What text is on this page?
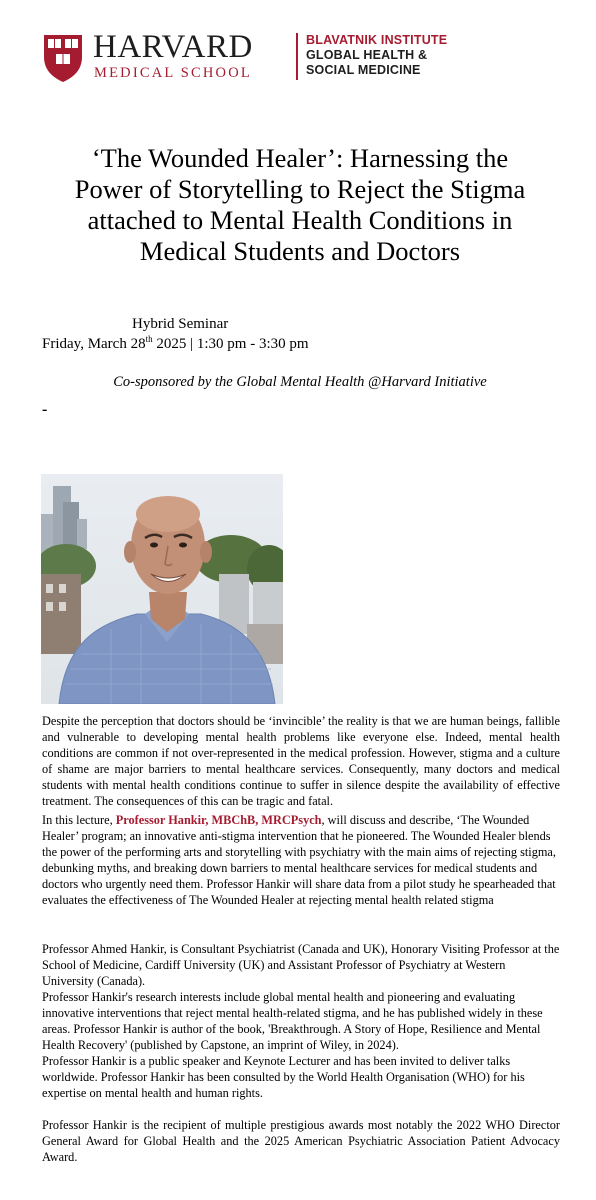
HARVARD
MEDICAL SCHOOL
BLAVATNIK INSTITUTE
GLOBAL HEALTH &
SOCIAL MEDICINE
‘The Wounded Healer’: Harnessing the
Power of Storytelling to Reject the Stigma
attached to Mental Health Conditions in
Medical Students and Doctors
Hybrid Seminar
Friday, March 28th 2025 | 1:30 pm - 3:30 pm
Co-sponsored by the Global Mental Health @Harvard Initiative
-

Despite the perception that doctors should be ‘invincible’ the reality is that we are human beings, fallible and vulnerable to developing mental health problems like everyone else. Indeed, mental health conditions are common if not over-represented in the medical profession. However, stigma and a culture of shame are major barriers to mental healthcare services. Consequently, many doctors and medical students with mental health conditions continue to suffer in silence despite the availability of effective treatment. The consequences of this can be tragic and fatal.

In this lecture, Professor Hankir, MBChB, MRCPsych, will discuss and describe, ‘The Wounded Healer’ program; an innovative anti-stigma intervention that he pioneered. The Wounded Healer blends the power of the performing arts and storytelling with psychiatry with the main aims of rejecting stigma, debunking myths, and breaking down barriers to mental healthcare services for medical students and doctors who urgently need them. Professor Hankir will share data from a pilot study he spearheaded that evaluates the effectiveness of The Wounded Healer at rejecting mental health related stigma

Professor Ahmed Hankir, is Consultant Psychiatrist (Canada and UK), Honorary Visiting Professor at the School of Medicine, Cardiff University (UK) and Assistant Professor of Psychiatry at Western University (Canada).

Professor Hankir's research interests include global mental health and pioneering and evaluating innovative interventions that reject mental health-related stigma, and he has published widely in these areas. Professor Hankir is author of the book, 'Breakthrough. A Story of Hope, Resilience and Mental Health Recovery' (published by Capstone, an imprint of Wiley, in 2024).

Professor Hankir is a public speaker and Keynote Lecturer and has been invited to deliver talks worldwide. Professor Hankir has been consulted by the World Health Organisation (WHO) for his expertise on mental health and human rights.

Professor Hankir is the recipient of multiple prestigious awards most notably the 2022 WHO Director General Award for Global Health and the 2025 American Psychiatric Association Patient Advocacy Award.
